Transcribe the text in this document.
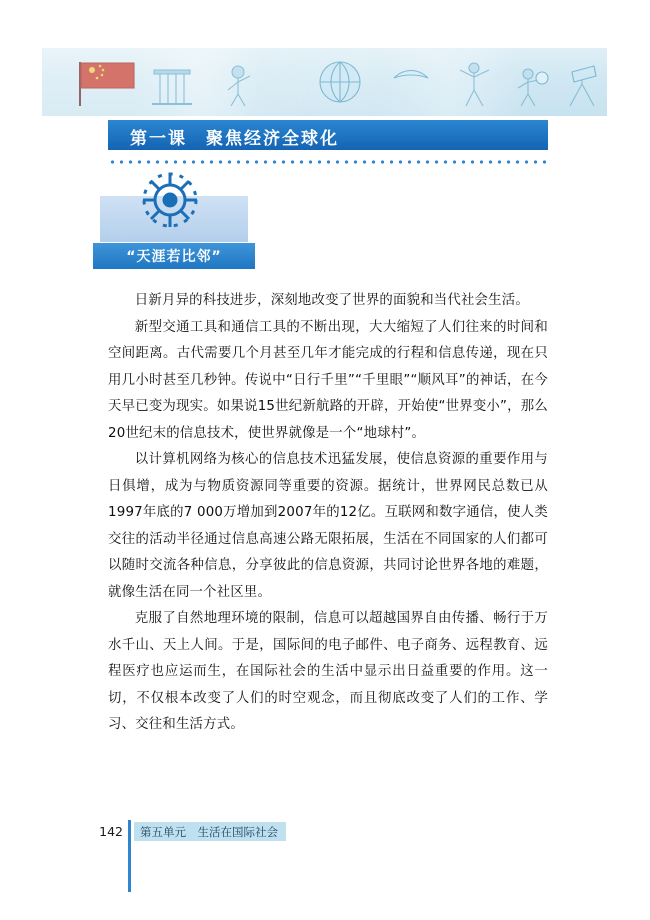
第一课　聚焦经济全球化
“天涯若比邻”

日新月异的科技进步，深刻地改变了世界的面貌和当代社会生活。

新型交通工具和通信工具的不断出现，大大缩短了人们往来的时间和空间距离。古代需要几个月甚至几年才能完成的行程和信息传递，现在只用几小时甚至几秒钟。传说中“日行千里”“千里眼”“顺风耳”的神话，在今天早已变为现实。如果说15世纪新航路的开辟，开始使“世界变小”，那么20世纪末的信息技术，使世界就像是一个“地球村”。

以计算机网络为核心的信息技术迅猛发展，使信息资源的重要作用与日俱增，成为与物质资源同等重要的资源。据统计，世界网民总数已从1997年底的7 000万增加到2007年的12亿。互联网和数字通信，使人类交往的活动半径通过信息高速公路无限拓展，生活在不同国家的人们都可以随时交流各种信息，分享彼此的信息资源，共同讨论世界各地的难题，就像生活在同一个社区里。

克服了自然地理环境的限制，信息可以超越国界自由传播、畅行于万水千山、天上人间。于是，国际间的电子邮件、电子商务、远程教育、远程医疗也应运而生，在国际社会的生活中显示出日益重要的作用。这一切，不仅根本改变了人们的时空观念，而且彻底改变了人们的工作、学习、交往和生活方式。

142	第五单元　生活在国际社会
